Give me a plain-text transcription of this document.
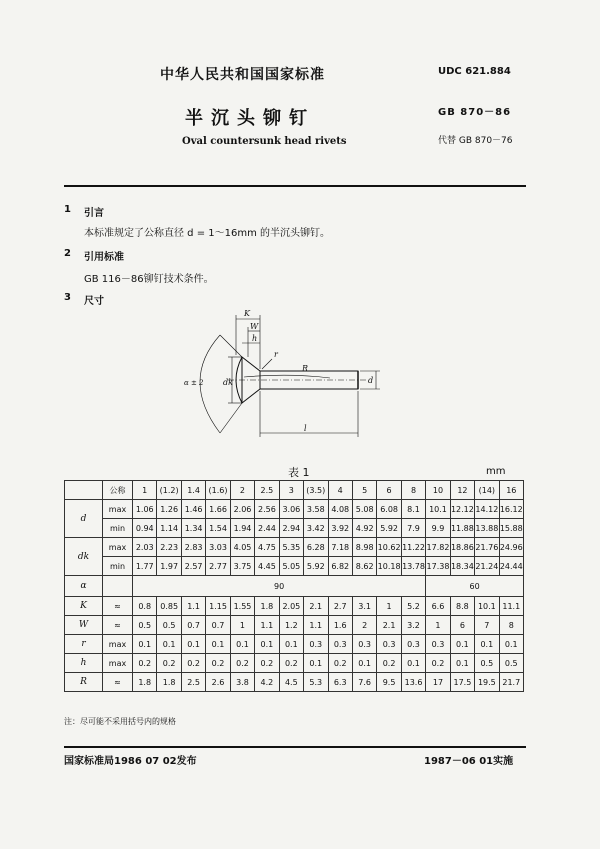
中华人民共和国国家标准
半沉头铆钉
Oval countersunk head rivets
UDC 621.884
GB 870－86
代替 GB 870－76
1 引言
本标准规定了公称直径 d = 1～16mm 的半沉头铆钉。
2 引用标准
GB 116－86铆钉技术条件。
3 尺寸
K
W
h
r
R
d
dk
α ± 2
l
表 1	mm
	公称	1	(1.2)	1.4	(1.6)	2	2.5	3	(3.5)	4	5	6	8	10	12	(14)	16
d	max	1.06	1.26	1.46	1.66	2.06	2.56	3.06	3.58	4.08	5.08	6.08	8.1	10.1	12.12	14.12	16.12
	min	0.94	1.14	1.34	1.54	1.94	2.44	2.94	3.42	3.92	4.92	5.92	7.9	9.9	11.88	13.88	15.88
dk	max	2.03	2.23	2.83	3.03	4.05	4.75	5.35	6.28	7.18	8.98	10.62	11.22	17.82	18.86	21.76	24.96
	min	1.77	1.97	2.57	2.77	3.75	4.45	5.05	5.92	6.82	8.62	10.18	13.78	17.38	18.34	21.24	24.44
α		90												60			
K	≈	0.8	0.85	1.1	1.15	1.55	1.8	2.05	2.1	2.7	3.1	1	5.2	6.6	8.8	10.1	11.1
W	≈	0.5	0.5	0.7	0.7	1	1.1	1.2	1.1	1.6	2	2.1	3.2	1	6	7	8
r	max	0.1	0.1	0.1	0.1	0.1	0.1	0.1	0.3	0.3	0.3	0.3	0.3	0.3	0.1	0.1	0.1
h	max	0.2	0.2	0.2	0.2	0.2	0.2	0.2	0.1	0.2	0.1	0.2	0.1	0.2	0.1	0.5	0.5
R	≈	1.8	1.8	2.5	2.6	3.8	4.2	4.5	5.3	6.3	7.6	9.5	13.6	17	17.5	19.5	21.7
注：尽可能不采用括号内的规格
国家标准局1986 07 02发布	1987－06 01实施
